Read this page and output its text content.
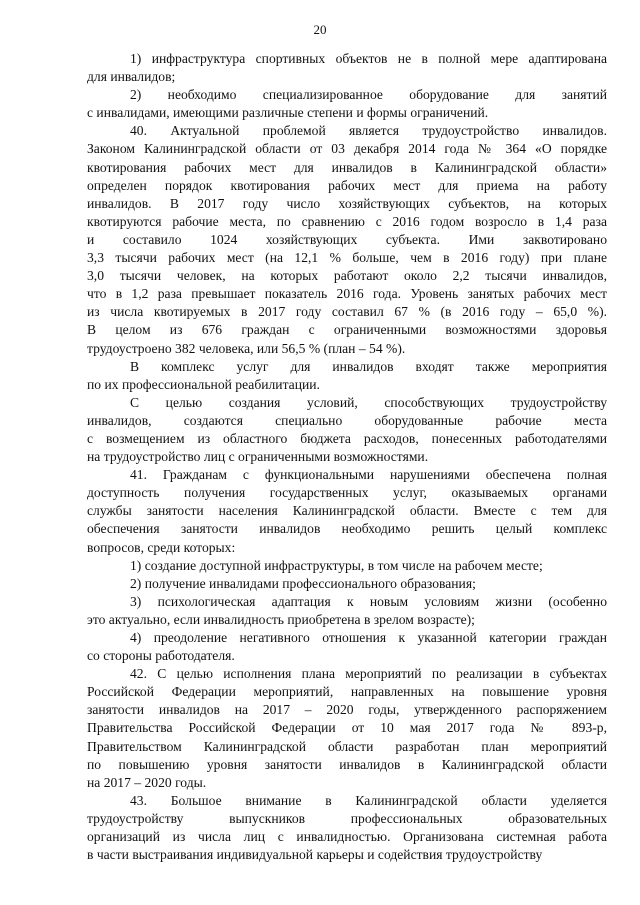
20
1) инфраструктура спортивных объектов не в полной мере адаптирована
для инвалидов;
2) необходимо специализированное оборудование для занятий
с инвалидами, имеющими различные степени и формы ограничений.
40. Актуальной проблемой является трудоустройство инвалидов.
Законом Калининградской области от 03 декабря 2014 года № 364 «О порядке
квотирования рабочих мест для инвалидов в Калининградской области»
определен порядок квотирования рабочих мест для приема на работу
инвалидов. В 2017 году число хозяйствующих субъектов, на которых
квотируются рабочие места, по сравнению с 2016 годом возросло в 1,4 раза
и составило 1024 хозяйствующих субъекта. Ими заквотировано
3,3 тысячи рабочих мест (на 12,1 % больше, чем в 2016 году) при плане
3,0 тысячи человек, на которых работают около 2,2 тысячи инвалидов,
что в 1,2 раза превышает показатель 2016 года. Уровень занятых рабочих мест
из числа квотируемых в 2017 году составил 67 % (в 2016 году – 65,0 %).
В целом из 676 граждан с ограниченными возможностями здоровья
трудоустроено 382 человека, или 56,5 % (план – 54 %).
В комплекс услуг для инвалидов входят также мероприятия
по их профессиональной реабилитации.
С целью создания условий, способствующих трудоустройству
инвалидов, создаются специально оборудованные рабочие места
с возмещением из областного бюджета расходов, понесенных работодателями
на трудоустройство лиц с ограниченными возможностями.
41. Гражданам с функциональными нарушениями обеспечена полная
доступность получения государственных услуг, оказываемых органами
службы занятости населения Калининградской области. Вместе с тем для
обеспечения занятости инвалидов необходимо решить целый комплекс
вопросов, среди которых:
1) создание доступной инфраструктуры, в том числе на рабочем месте;
2) получение инвалидами профессионального образования;
3) психологическая адаптация к новым условиям жизни (особенно
это актуально, если инвалидность приобретена в зрелом возрасте);
4) преодоление негативного отношения к указанной категории граждан
со стороны работодателя.
42. С целью исполнения плана мероприятий по реализации в субъектах
Российской Федерации мероприятий, направленных на повышение уровня
занятости инвалидов на 2017 – 2020 годы, утвержденного распоряжением
Правительства Российской Федерации от 10 мая 2017 года № 893-р,
Правительством Калининградской области разработан план мероприятий
по повышению уровня занятости инвалидов в Калининградской области
на 2017 – 2020 годы.
43. Большое внимание в Калининградской области уделяется
трудоустройству выпускников профессиональных образовательных
организаций из числа лиц с инвалидностью. Организована системная работа
в части выстраивания индивидуальной карьеры и содействия трудоустройству
